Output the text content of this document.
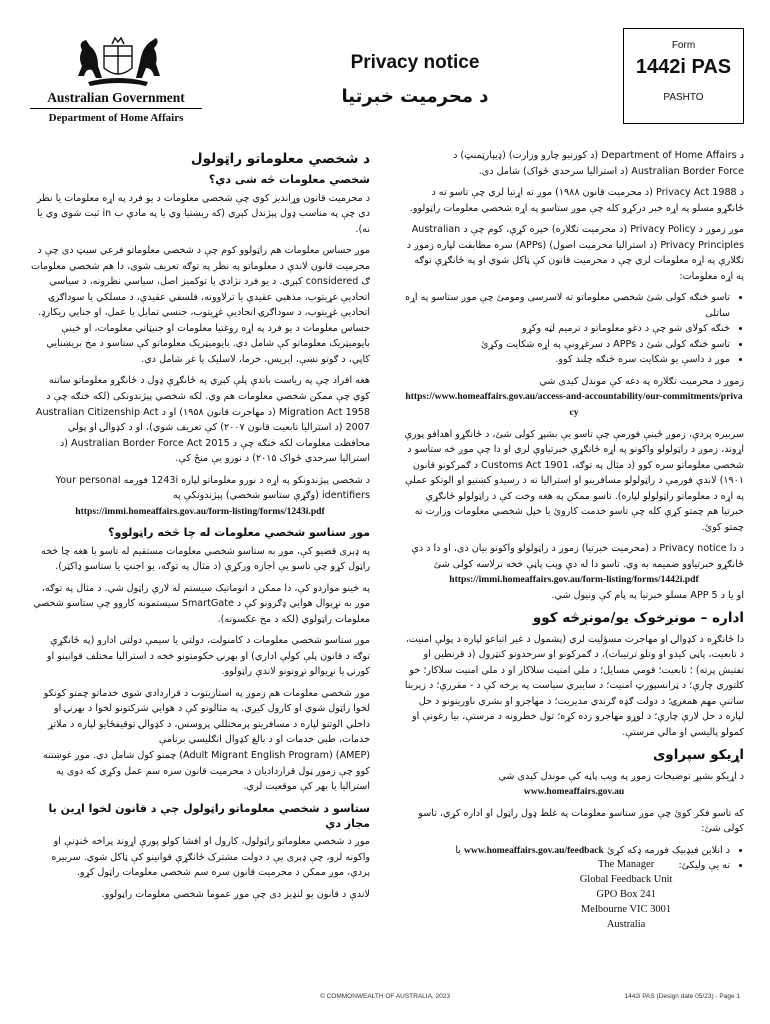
Australian Government
Department of Home Affairs
Privacy notice
د محرمیت خبرتیا
Form
1442i PAS
PASHTO

د Department of Home Affairs (د کورنیو چارو وزارت) (ډیپارټمنټ) د Australian Border Force (د استرالیا سرحدي ځواک) شامل دی.

د Privacy Act 1988 (د محرمیت قانون ۱۹۸۸) موږ ته اړتیا لري چې تاسو ته د ځانګړو مسلو په اړه خبر درکړو کله چې موږ ستاسو په اړه شخصي معلومات راټولوو.

موږ زموږ د Privacy Policy (د محرمیت تګلاره) خپره کړې، کوم چې د Australian Privacy Principles (د استرالیا محرمیت اصول) (APPs) سره مطابقت لپاره زموږ د تګلارې په اړه معلومات لري چې د محرمیت قانون کې ټاکل شوي او په ځانګړې توګه په اړه معلومات:

• تاسو څنګه کولی شئ شخصي معلوماتو ته لاسرسی ومومئ چې موږ ستاسو په اړه ساتلی
• څنګه کولای شو چې د دغو معلوماتو د ترمیم لټه وکړو
• تاسو څنګه کولی شئ د APPs د سرغړونې په اړه شکایت وکړئ
• موږ د داسې یو شکایت سره څنګه چلند کوو.

زموږ د محرمیت تګلاره په دغه کې موندل کیدی شي

https://www.homeaffairs.gov.au/access-and-accountability/our-commitments/privacy

سربیره پردې، زموږ ځینې فورمې چې تاسو یې بشپړ کولی شئ، د ځانګړو اهدافو پورې اړوند، زموږ د راټولولو واکونو په اړه ځانګړې خبرتیاوې لري او دا چې موږ څه ستاسو د شخصي معلوماتو سره کوو (د مثال په توګه، Customs Act 1901 د ګمرکونو قانون ۱۹۰۱) لاندې فورمې د راټولولو مسافرینو او استرالیا ته د رسیدو کښتیو او الوتکو عملې په اړه د معلوماتو راټولولو لپاره). تاسو ممکن په هغه وخت کې د راټولولو ځانګړې خبرتیا هم چمتو کړې کله چې تاسو خدمت کاروئ یا خپل شخصي معلومات وزارت ته چمتو کوئ.

د دا Privacy notice د (محرمیت خبرتیا) زموږ د راټولولو واکونو بیان دی، او دا د دې ځانګړو خبرتیاوو ضمیمه به وي. تاسو دا له دې وېب پاڼې څخه ترلاسه کولی شئ

https://immi.homeaffairs.gov.au/form-listing/forms/1442i.pdf

او یا د APP 5 مسلو خبرتیا په پام کې ونیول شي.

اداره – مونږخوک یو/مونږڅه کوو

دا ځانګړه د کډوالۍ او مهاجرت مسؤلیت لري (پشمول د غیر اتباعو لپاره د پولې امنیت، د تابعیت، پاڼي کیدو او وتلو ترتیبات)، د ګمرکونو او سرحدونو کنټرول (د قرنطین او تفتیش پرته) ؛ تابعیت؛ قومي مسایل؛ د ملي امنیت سلاکار او د ملي امنیت سلاکار؛ خو کلتوري چارې؛ د ټرانسپورټ امنیت؛ د سایبري سیاست په برخه کې د - مقررې؛ د زېربنا ساتنې مهم همغږۍ؛ د دولت ګډه ګرندي مدیریت؛ د مهاجرو او بشري ناورینونو د حل لپاره د حل لارې چارې؛ د لوړو مهاجرو زده کړه؛ تول خطرونه د مرستې، بیا رغونې او کمولو پالیسي او مالي مرستې.

اړیکو سپراوی

د اړیکو بشپړ توضیحات زموږ په وېب پاڼه کې موندل کیدی شي

www.homeaffairs.gov.au

که تاسو فکر کوئ چې موږ ستاسو معلومات په غلط ډول راټول او اداره کړي، تاسو کولی شئ:

• د انلاین فیډبیک فورمه ډکه کړئ www.homeaffairs.gov.au/feedback یا
• ته یې ولیکئ:
The Manager
Global Feedback Unit
GPO Box 241
Melbourne VIC 3001
Australia
د شخصي معلوماتو راټولول
شخصي معلومات څه شی دي؟

د محرمیت قانون وړاندیز کوي چې شخصي معلومات د یو فرد په اړه معلومات یا نظر دي چې په مناسب ډول پېژندل کېږي (که ریښتیا وي یا په مادې ب in ثبت شوي وي یا نه).

موږ حساس معلومات هم راټولوو کوم چې د شخصي معلوماتو فرعي سيټ دی چې د محرمیت قانون لاندې د معلوماتو په نظر په توګه تعریف شوی، دا هم شخصي معلومات ګ considered کېږي. د یو فرد نژادي یا توکمیز اصل، سیاسي نظرونه، د سیاسي اتحادیې غړیتوب، مذهبي عقیدې یا ترلاوونه، فلسفي عقیدې، د مسلکي یا سوداګرۍ اتحادیې غړیتوب، د سوداګرۍ اتحادیې غړیتوب، جنسي تمایل یا عمل، او جنایي ریکارډ. حساس معلومات د یو فرد په اړه روغتیا معلومات او جنیټاتي معلومات، او څینې بایومیټریک معلوماتو کې شامل دي. بایومیټریک معلوماتو کې ستاسو د مخ بریښنایي کاپي، د ګوتو نښې، ایریس، خرما، لاسلیک یا غږ شامل دي.

هغه افراد چې په ریاست باندې پلې کېږي په ځانګړې ډول د ځانګړو معلوماتو ساتنه کوي چې ممکن شخصي معلومات هم وي. لکه شخصي پېژندونکی (لکه څنګه چې د Migration Act 1958 (د مهاجرت قانون ۱۹۵۸) او د Australian Citizenship Act 2007 (د استرالیا تابعیت قانون ۲۰۰۷) کې تعریف شوي)، او د کډوالۍ او پولي محافظت معلومات لکه څنګه چې د Australian Border Force Act 2015 (د استرالیا سرحدي ځواک ۲۰۱۵) د نورو یې منځ کې.

د شخصي پېژندونکو په اړه د نورو معلوماتو لپاره 1243i فورمه Your personal identifiers (وګړې ستاسو شخصي) پېژندونکې په

https://immi.homeaffairs.gov.au/form-listing/forms/1243i.pdf

موږ ستاسو شخصي معلومات له چا څخه راټولوو؟

په ډېری قضیو کې، موږ به ستاسو شخصي معلومات مستقیم له تاسو یا هغه چا څخه راټول کړو چې تاسو یې اجازه ورکړې (د مثال په توګه، یو اجنټ یا ستاسو ډاکټر).

په څینو مواردو کې، دا ممکن د اتوماتیک سیستم له لارې راټول شي. د مثال په توګه، موږ به نړیوال هوایي ډګرونو کې د SmartGate سیستمونه کاروو چې ستاسو شخصي معلومات راټولوي (لکه د مخ عکسونه).

موږ ستاسو شخصي معلومات د کامنولت، دولتي یا سیمې دولتي ادارو (په ځانګړې توګه د قانون پلې کولې اداري) او بهرنۍ حکومتونو څخه د استرالیا مختلف قوانینو او کورنۍ یا نړیوالو تړونونو لاندې راټولوو.

موږ شخصي معلومات هم زموږ په استازیتوب د قراردادي شوي خدماتو چمتو کونکو لخوا راټول شوي او کارول کیږي. په مثالونو کې د هوایي شرکتونو لخوا د بهرنۍ او داخلي الوتنو لپاره د مسافرینو پرمختللي پروسس، د کډوالۍ توقیفځایو لپاره د ملاتړ خدمات، طبي خدمات او د بالغ کډوال انګلیسي برنامې

(AMEP) (Adult Migrant English Program) چمتو کول شامل دي. موږ غوښتنه کوو چې زموږ ټول قراردادیان د محرمیت قانون سره سم عمل وکړي که دوی په استرالیا یا بهر کې موقعیت لري.

ستاسو د شخصي معلوماتو راټولول چې د قانون لخوا اړین یا مجاز دي

موږ د شخصي معلوماتو راټولول، کارول او افشا کولو پورې اړوند پراخه ځنډنې او واکونه لرو، چې ډېری یې د دولت مشترک ځانګړې قوانینو کې ټاکل شوي. سربیره پردې، موږ ممکن د محرمیت قانون سره سم شخصي معلومات راټول کړو.

لاندې د قانون یو لنډیز دی چې موږ عموما شخصي معلومات راټولوو.

© COMMONWEALTH OF AUSTRALIA, 2023	1442i PAS (Design date 05/23) - Page 1
